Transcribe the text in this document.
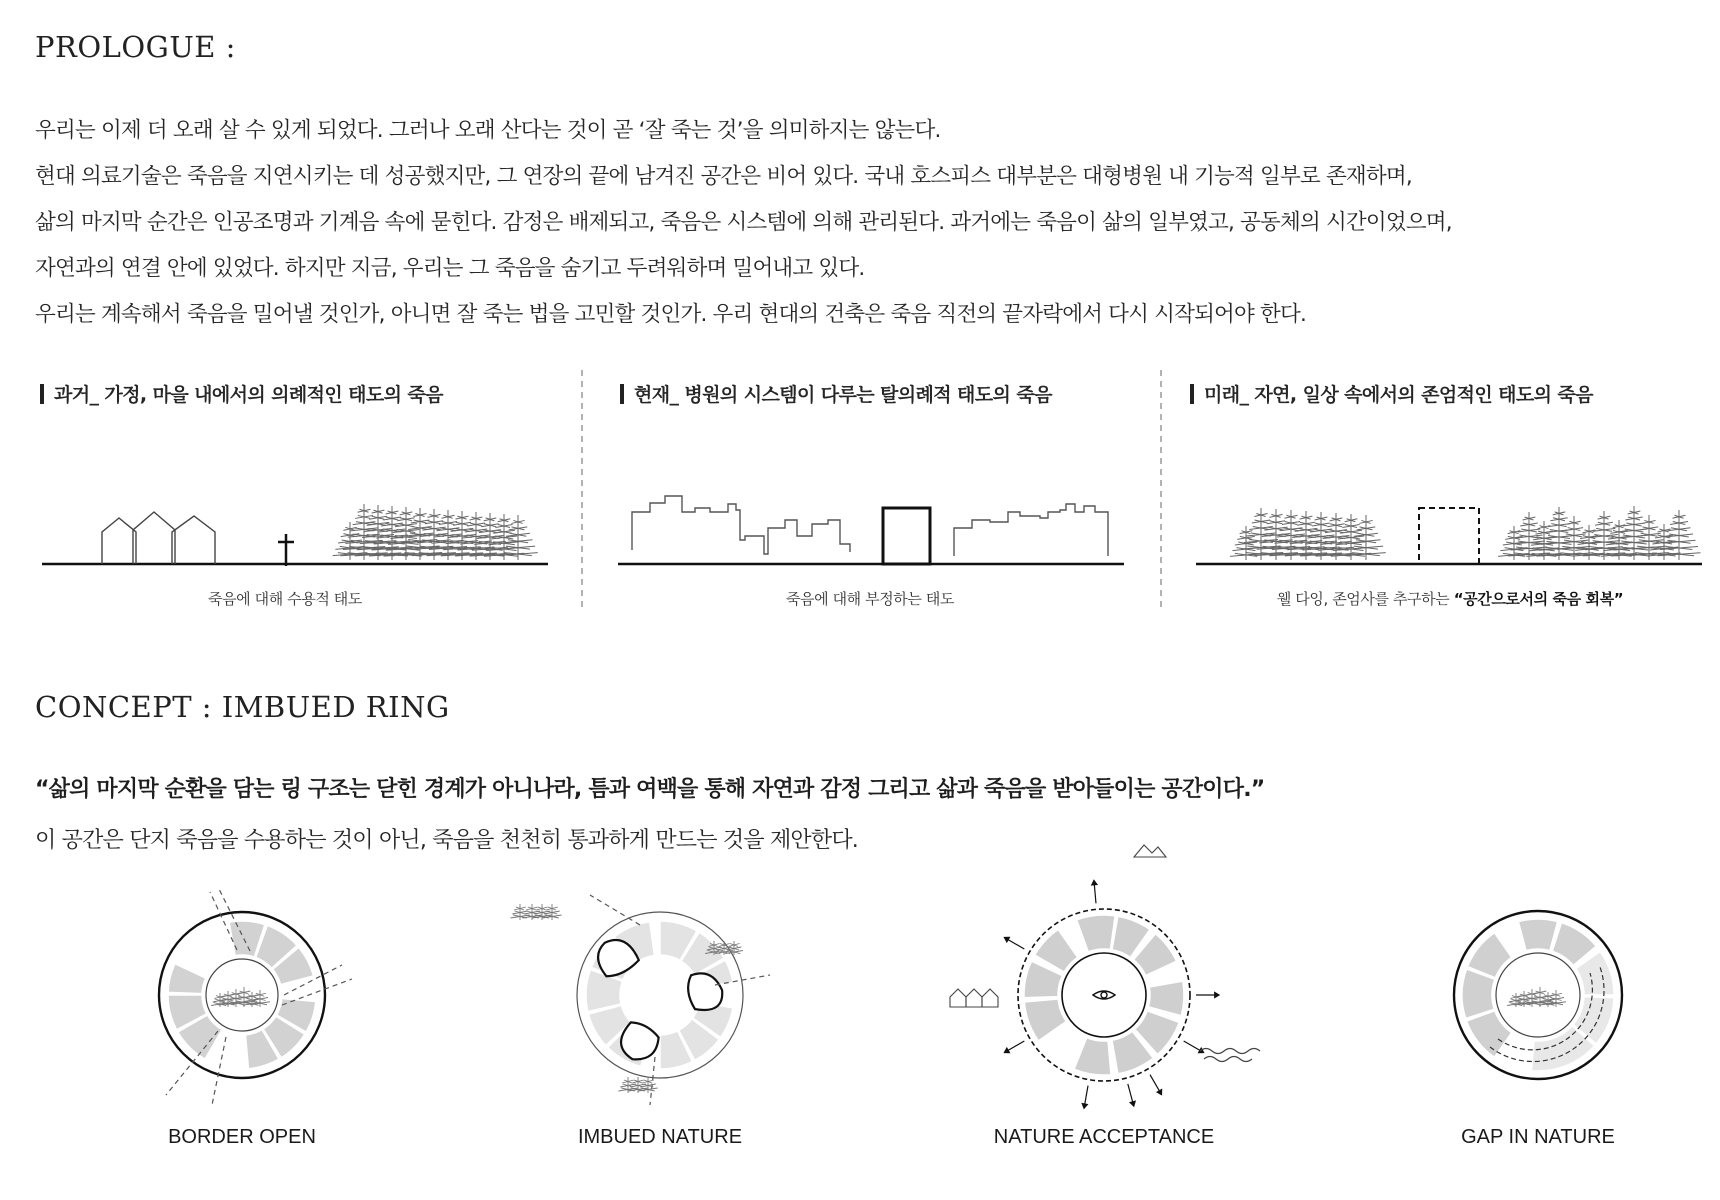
PROLOGUE :

우리는 이제 더 오래 살 수 있게 되었다. 그러나 오래 산다는 것이 곧 ‘잘 죽는 것’을 의미하지는 않는다.

현대 의료기술은 죽음을 지연시키는 데 성공했지만, 그 연장의 끝에 남겨진 공간은 비어 있다. 국내 호스피스 대부분은 대형병원 내 기능적 일부로 존재하며,

삶의 마지막 순간은 인공조명과 기계음 속에 묻힌다. 감정은 배제되고, 죽음은 시스템에 의해 관리된다. 과거에는 죽음이 삶의 일부였고, 공동체의 시간이었으며,

자연과의 연결 안에 있었다. 하지만 지금, 우리는 그 죽음을 숨기고 두려워하며 밀어내고 있다.

우리는 계속해서 죽음을 밀어낼 것인가, 아니면 잘 죽는 법을 고민할 것인가. 우리 현대의 건축은 죽음 직전의 끝자락에서 다시 시작되어야 한다.

과거_ 가정, 마을 내에서의 의례적인 태도의 죽음	현재_ 병원의 시스템이 다루는 탈의례적 태도의 죽음	미래_ 자연, 일상 속에서의 존엄적인 태도의 죽음
죽음에 대해 수용적 태도	죽음에 대해 부정하는 태도	웰 다잉, 존엄사를 추구하는 “공간으로서의 죽음 회복”
CONCEPT : IMBUED RING
“삶의 마지막 순환을 담는 링 구조는 닫힌 경계가 아니나라, 틈과 여백을 통해 자연과 감정 그리고 삶과 죽음을 받아들이는 공간이다.”
이 공간은 단지 죽음을 수용하는 것이 아닌, 죽음을 천천히 통과하게 만드는 것을 제안한다.
BORDER OPEN	IMBUED NATURE	NATURE ACCEPTANCE	GAP IN NATURE
